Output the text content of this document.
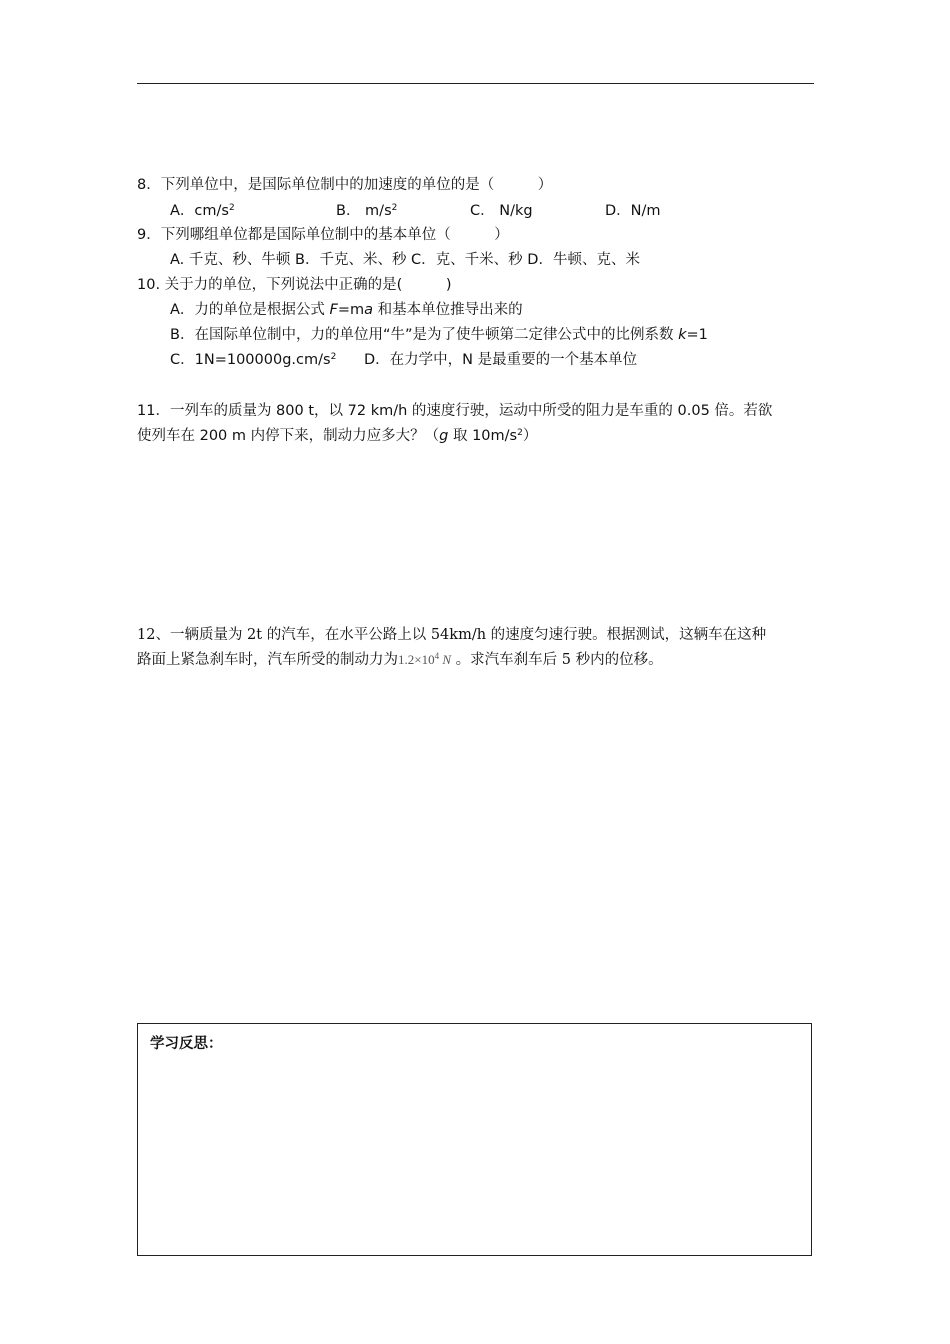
8．下列单位中，是国际单位制中的加速度的单位的是（　　　）
A．$cm/s^2$	B． $m/s^2$	C． N/kg	D．N/m
9．下列哪组单位都是国际单位制中的基本单位（　　　）
A. 千克、秒、牛顿 B．千克、米、秒 C．克、千米、秒 D．牛顿、克、米
10. 关于力的单位，下列说法中正确的是(　　　)
A．力的单位是根据公式 F=ma 和基本单位推导出来的
B．在国际单位制中，力的单位用“牛”是为了使牛顿第二定律公式中的比例系数 k=1
C．$1N=100000g.cm/s^2$ D．在力学中，N 是最重要的一个基本单位
11．一列车的质量为 800 t，以 72 km/h 的速度行驶，运动中所受的阻力是车重的 0.05 倍。若欲
使列车在 200 m 内停下来，制动力应多大？（g 取 $10m/s^2$）
12、一辆质量为 2t 的汽车，在水平公路上以 54km/h 的速度匀速行驶。根据测试，这辆车在这种
路面上紧急刹车时，汽车所受的制动力为$1.2\times 10^4$ N 。求汽车刹车后 5 秒内的位移。
学习反思：
